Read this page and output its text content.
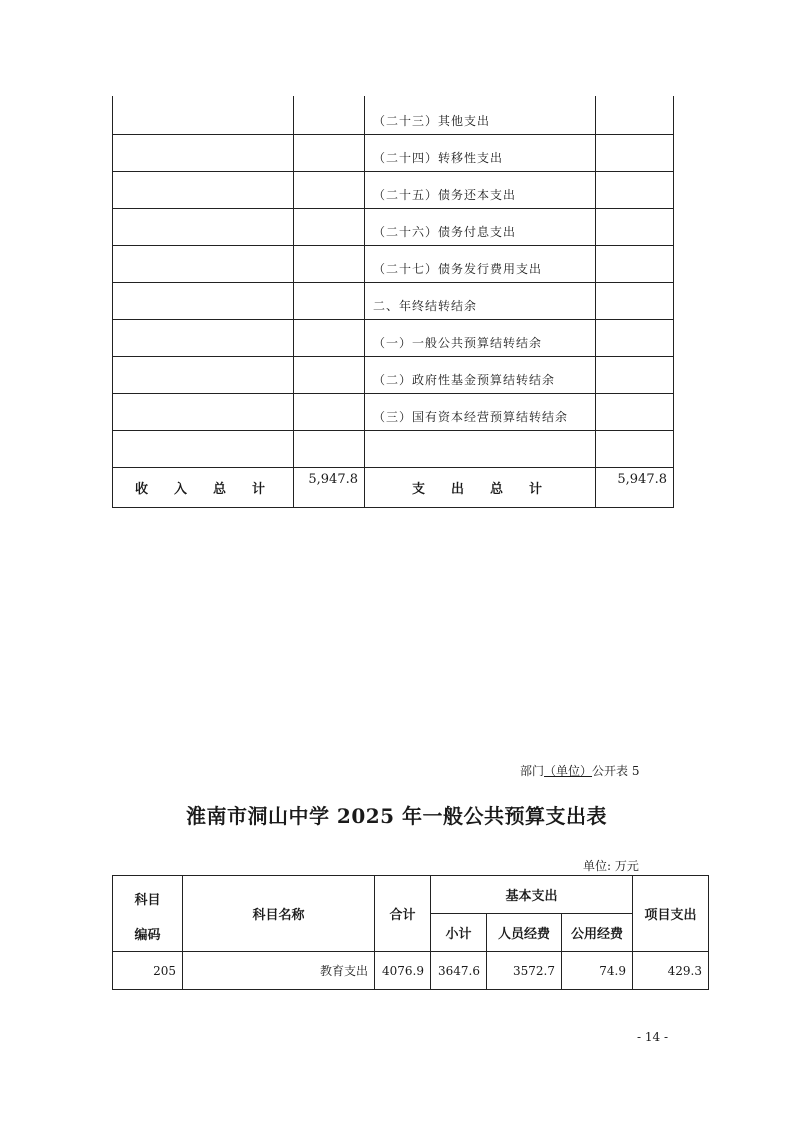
		（二十三）其他支出	
		（二十四）转移性支出	
		（二十五）债务还本支出	
		（二十六）债务付息支出	
		（二十七）债务发行费用支出	
		二、年终结转结余	
		（一）一般公共预算结转结余	
		（二）政府性基金预算结转结余	
		（三）国有资本经营预算结转结余	

收入总计	5,947.8	支出总计	5,947.8
部门（单位）公开表 5
淮南市洞山中学 2025 年一般公共预算支出表
单位: 万元
科目
编码	科目名称	合计	基本支出			项目支出
			小计	人员经费	公用经费	
205	教育支出	4076.9	3647.6	3572.7	74.9	429.3
- 14 -
